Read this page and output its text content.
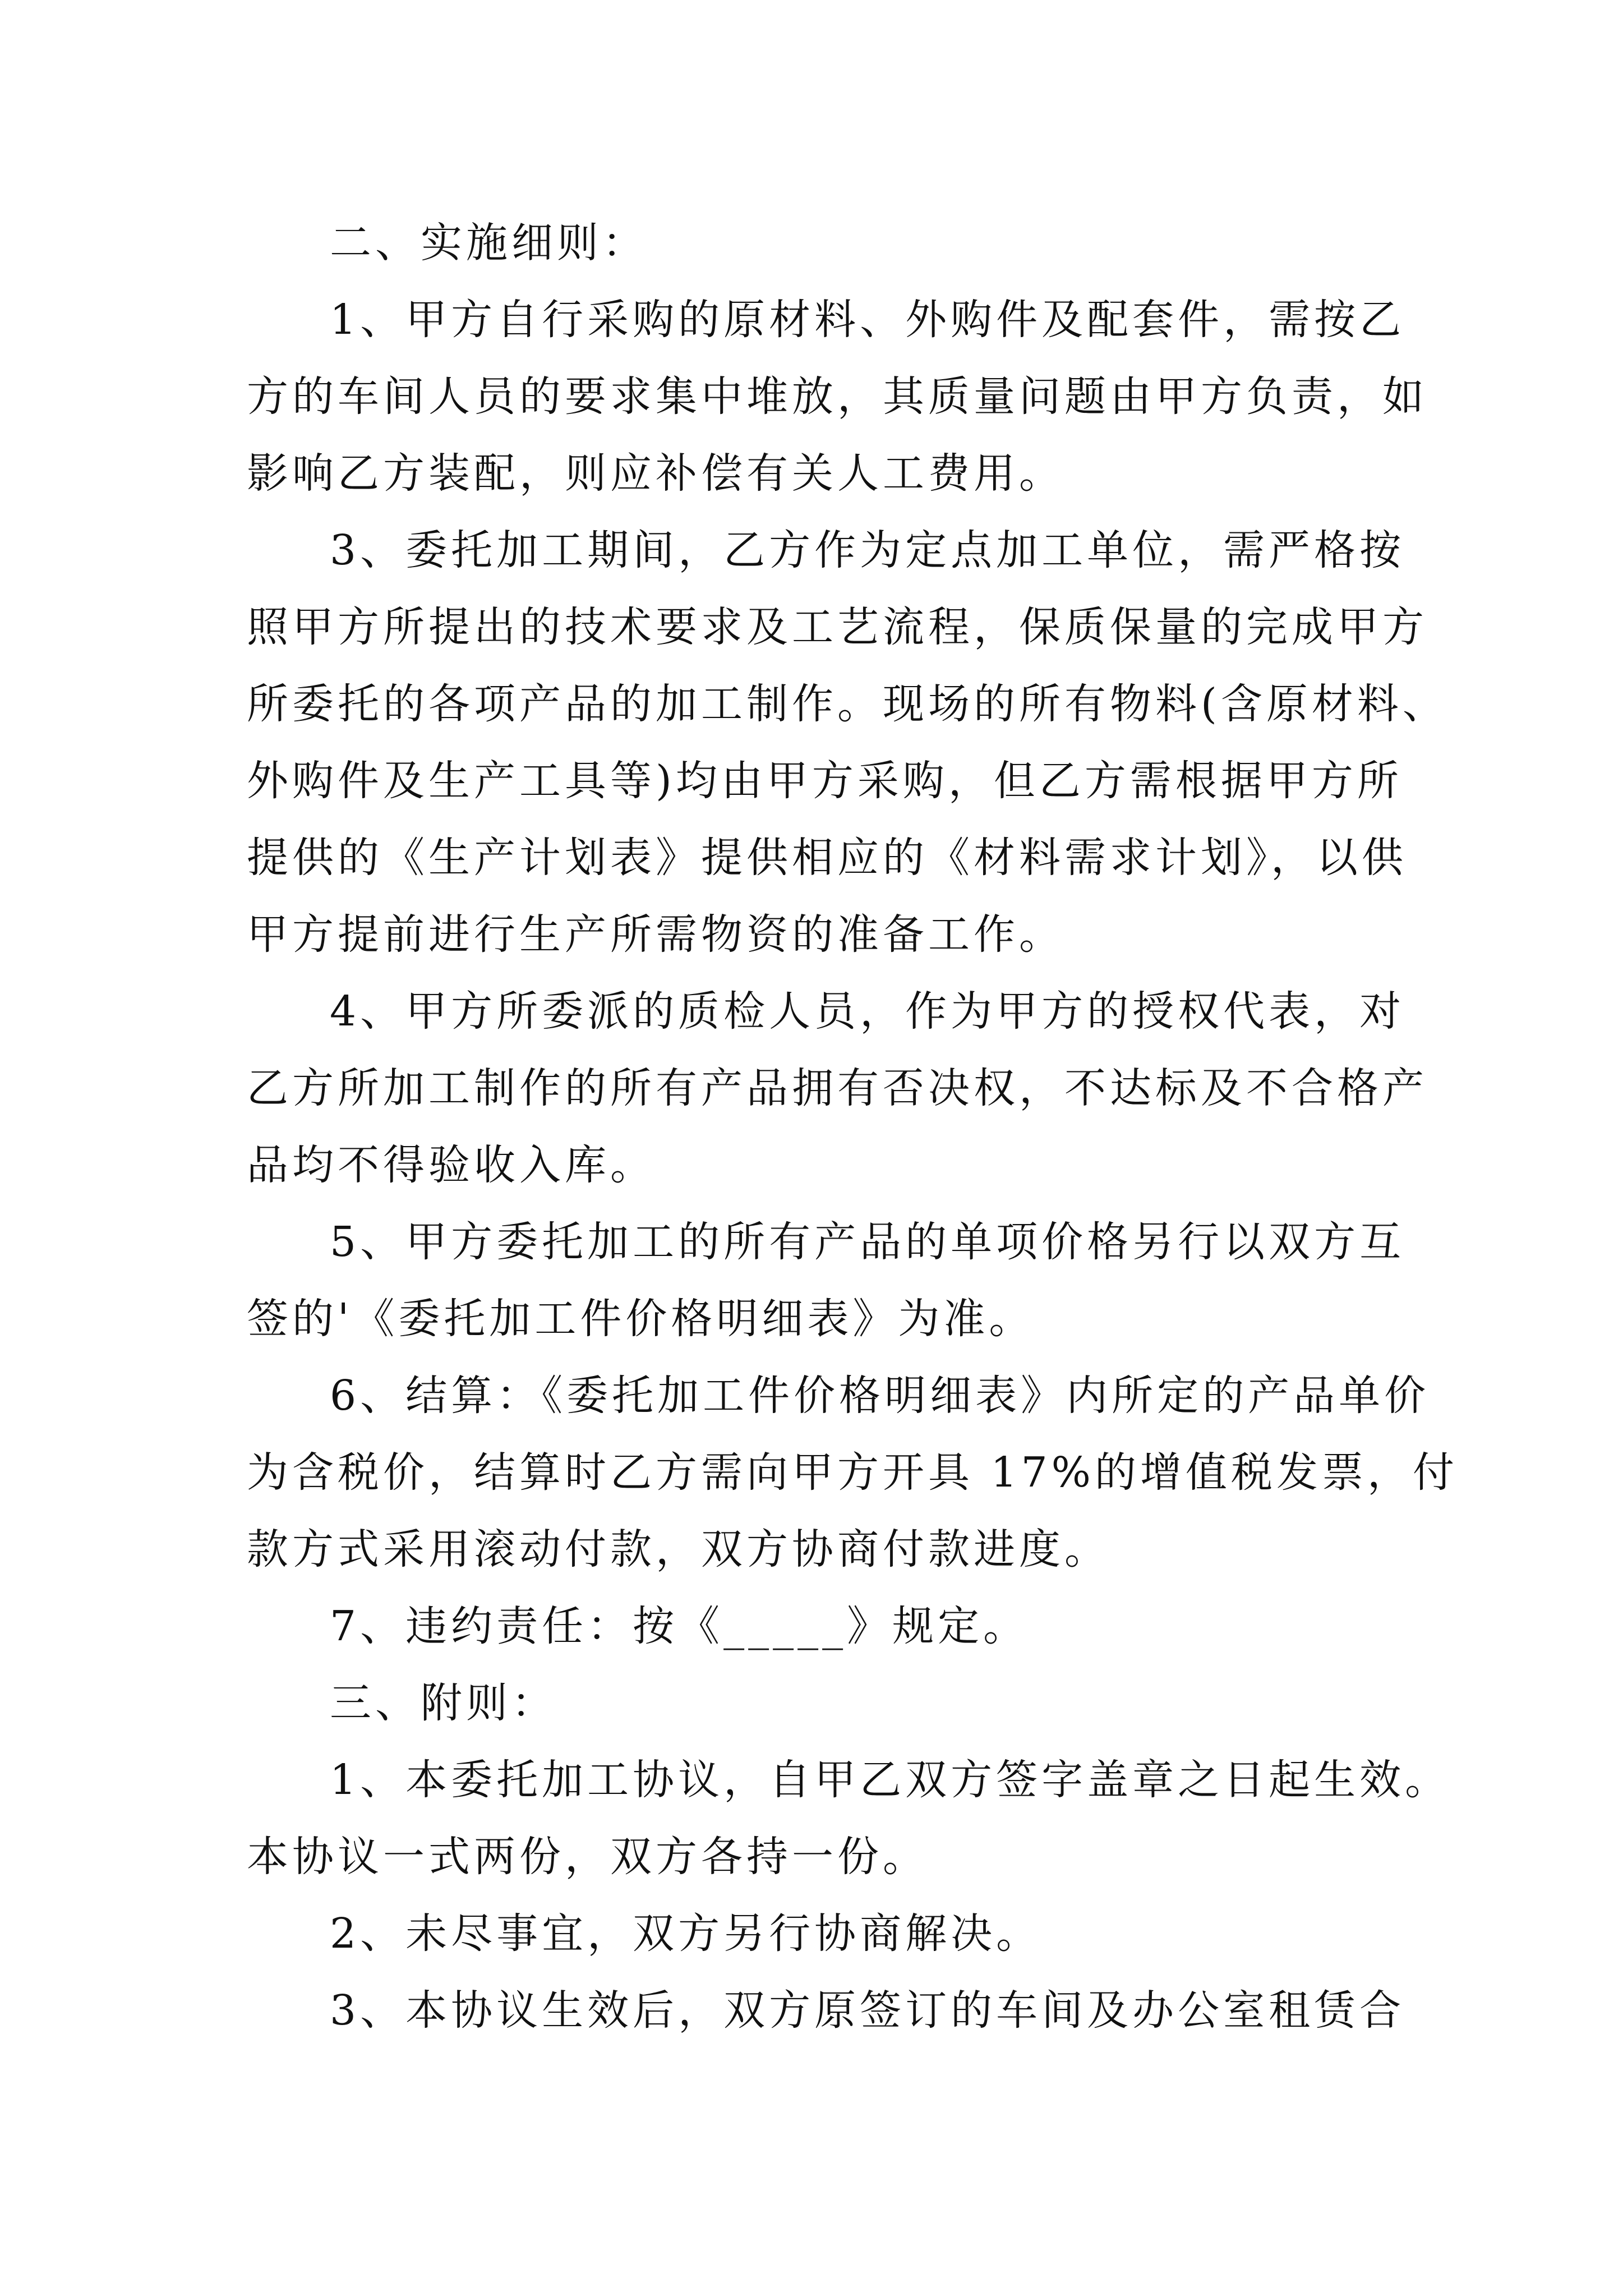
二、实施细则：
1、甲方自行采购的原材料、外购件及配套件，需按乙
方的车间人员的要求集中堆放，其质量问题由甲方负责，如
影响乙方装配，则应补偿有关人工费用。
3、委托加工期间，乙方作为定点加工单位，需严格按
照甲方所提出的技术要求及工艺流程，保质保量的完成甲方
所委托的各项产品的加工制作。现场的所有物料(含原材料、
外购件及生产工具等)均由甲方采购，但乙方需根据甲方所
提供的《生产计划表》提供相应的《材料需求计划》，以供
甲方提前进行生产所需物资的准备工作。
4、甲方所委派的质检人员，作为甲方的授权代表，对
乙方所加工制作的所有产品拥有否决权，不达标及不合格产
品均不得验收入库。
5、甲方委托加工的所有产品的单项价格另行以双方互
签的'《委托加工件价格明细表》为准。
6、结算：《委托加工件价格明细表》内所定的产品单价
为含税价，结算时乙方需向甲方开具 17%的增值税发票，付
款方式采用滚动付款，双方协商付款进度。
7、违约责任：按《_____》规定。
三、附则：
1、本委托加工协议，自甲乙双方签字盖章之日起生效。
本协议一式两份，双方各持一份。
2、未尽事宜，双方另行协商解决。
3、本协议生效后，双方原签订的车间及办公室租赁合
